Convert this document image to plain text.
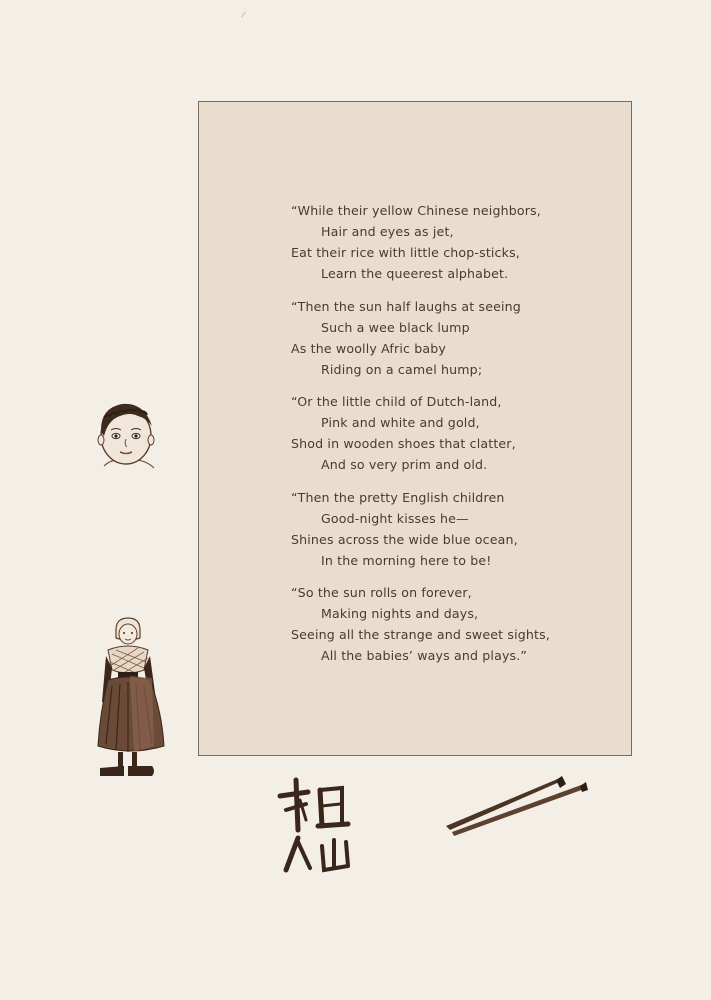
“While their yellow Chinese neighbors,
Hair and eyes as jet,
Eat their rice with little chop-sticks,
Learn the queerest alphabet.
“Then the sun half laughs at seeing
Such a wee black lump
As the woolly Afric baby
Riding on a camel hump;
“Or the little child of Dutch-land,
Pink and white and gold,
Shod in wooden shoes that clatter,
And so very prim and old.
“Then the pretty English children
Good-night kisses he—
Shines across the wide blue ocean,
In the morning here to be!
“So the sun rolls on forever,
Making nights and days,
Seeing all the strange and sweet sights,
All the babies’ ways and plays.”
